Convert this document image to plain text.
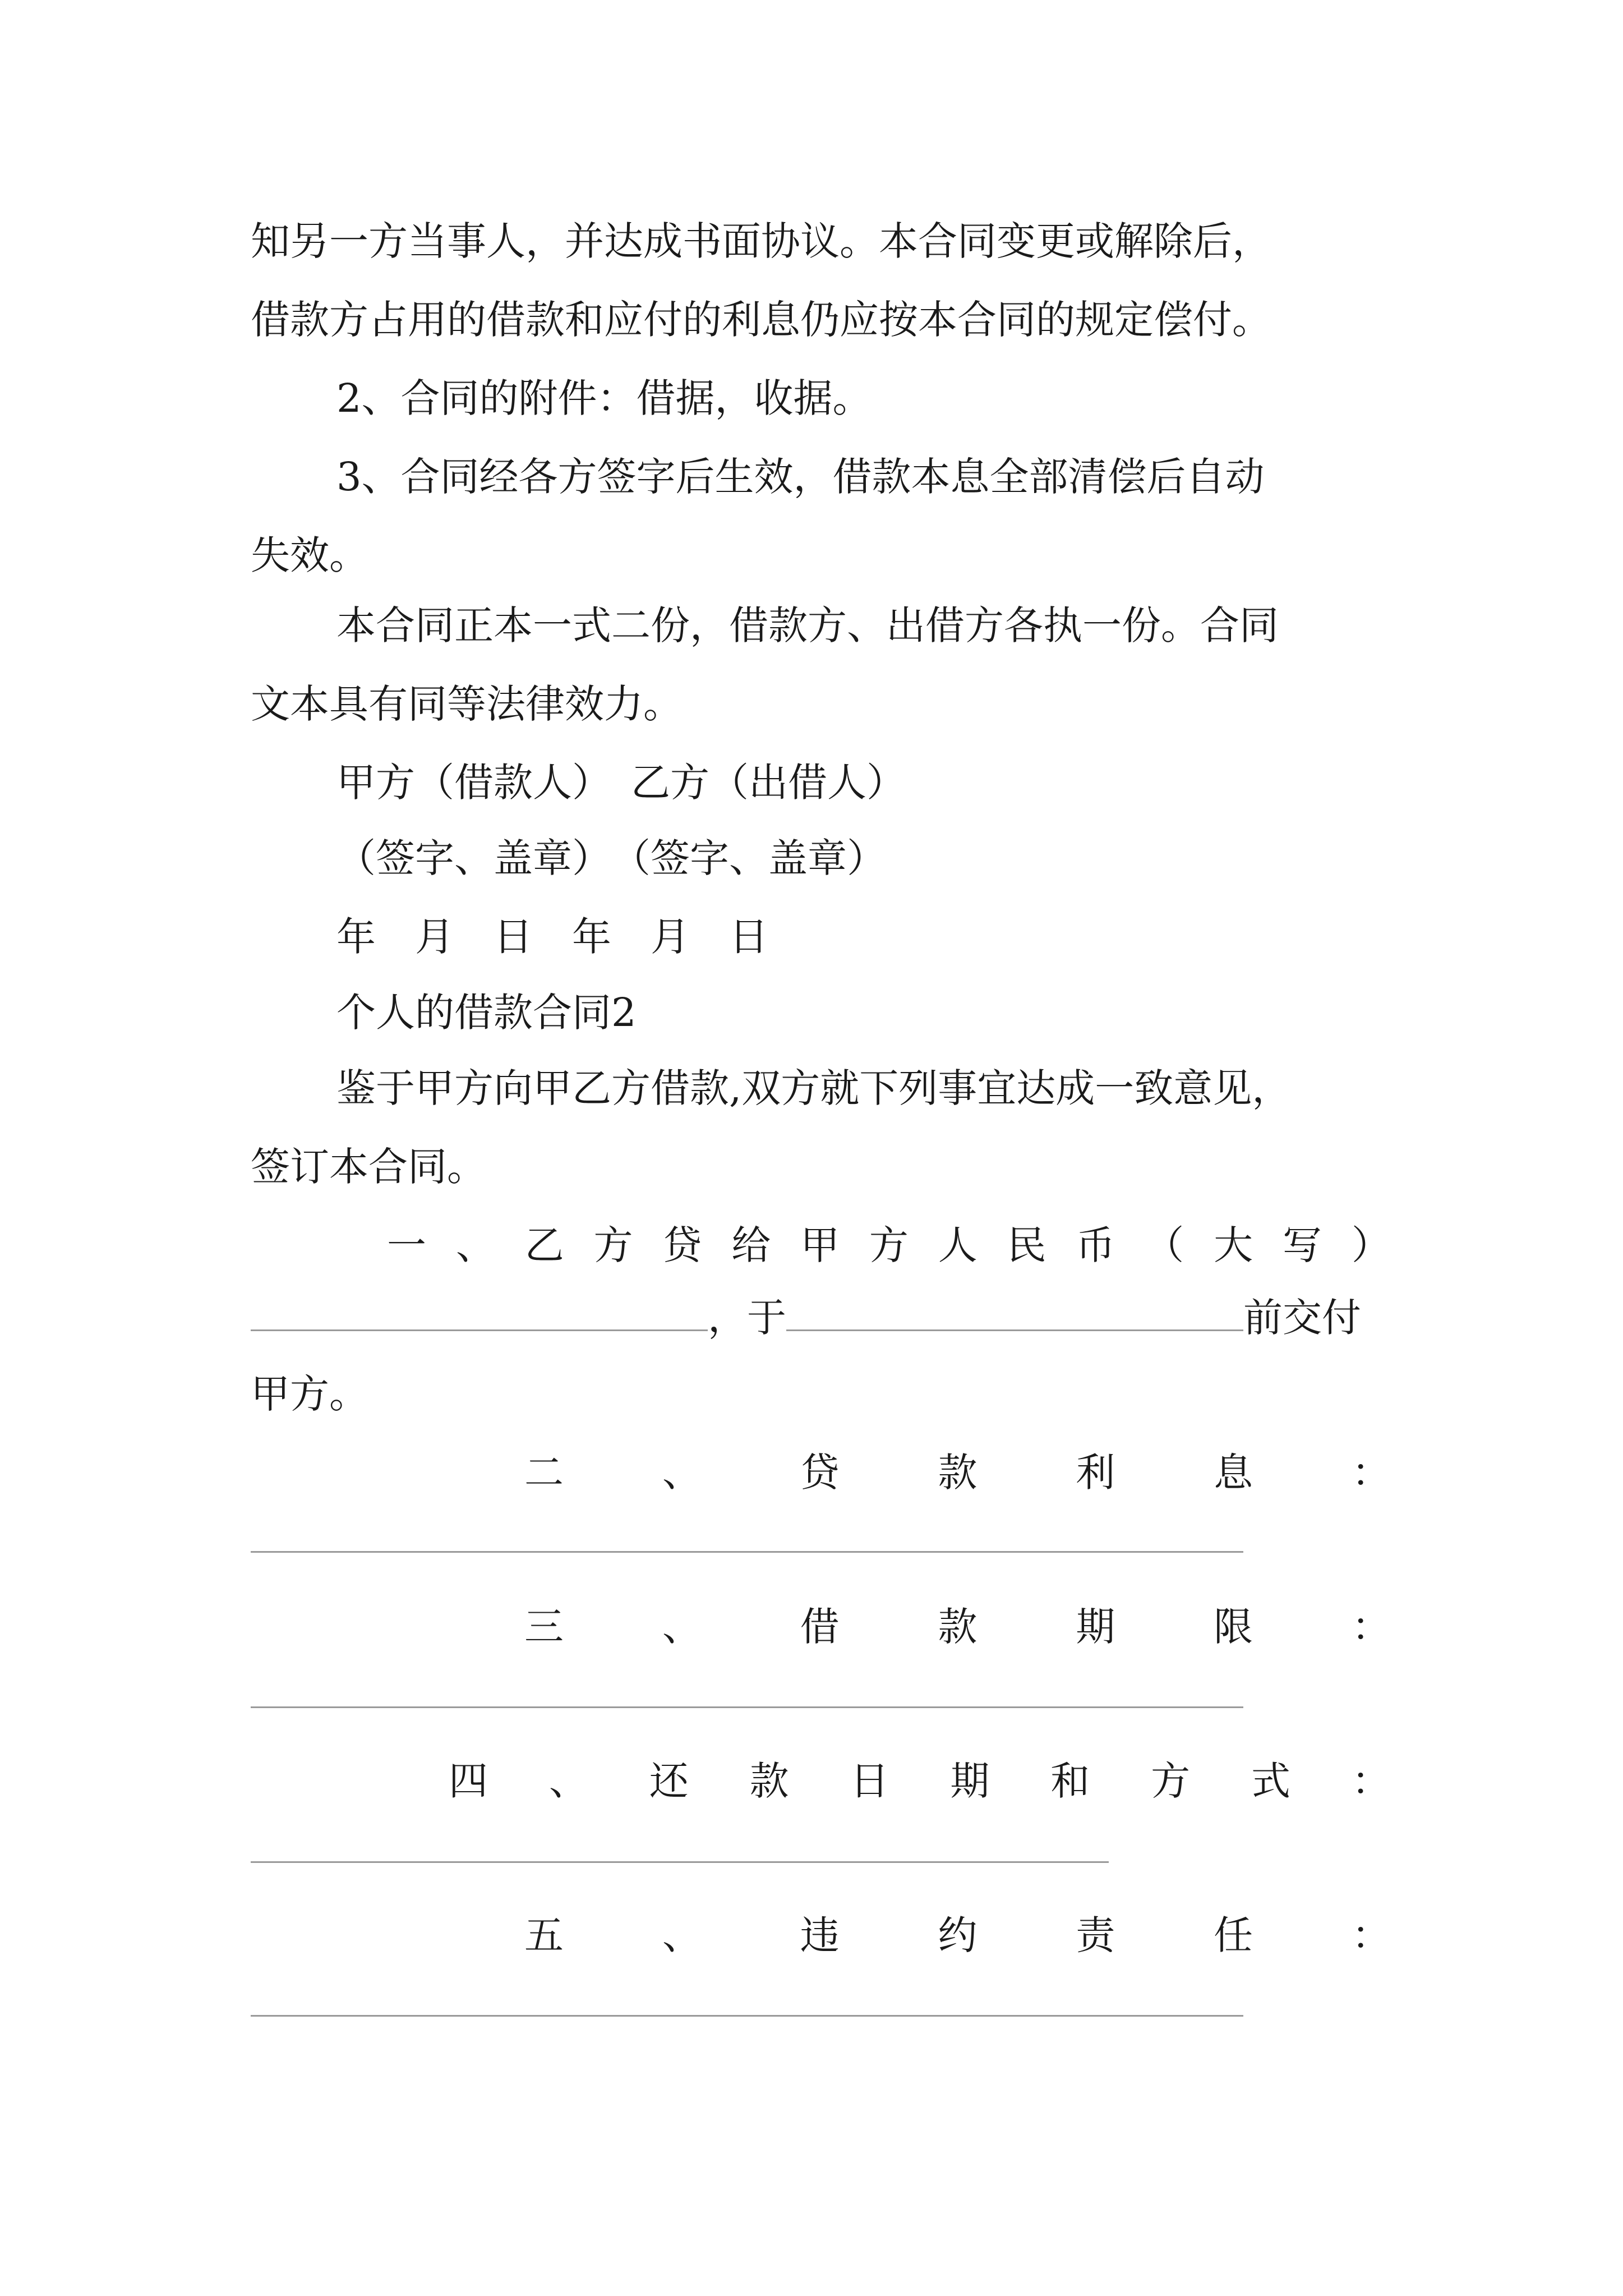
知另一方当事人，并达成书面协议。本合同变更或解除后，
借款方占用的借款和应付的利息仍应按本合同的规定偿付。
2、合同的附件：借据，收据。
3、合同经各方签字后生效，借款本息全部清偿后自动
失效。
本合同正本一式二份，借款方、出借方各执一份。合同
文本具有同等法律效力。
甲方（借款人）　乙方（出借人）
（签字、盖章）　（签字、盖章）
年　月　日　年　月　日
个人的借款合同2
鉴于甲方向甲乙方借款,双方就下列事宜达成一致意见，
签订本合同。
一 、 乙 方 贷 给 甲 方 人 民 币 （ 大 写 ）
，于	前交付
甲方。
二	、	贷	款	利	息	：
三	、	借	款	期	限	：
四 、 还 款 日 期 和 方 式 ：
五	、	违	约	责	任	：
